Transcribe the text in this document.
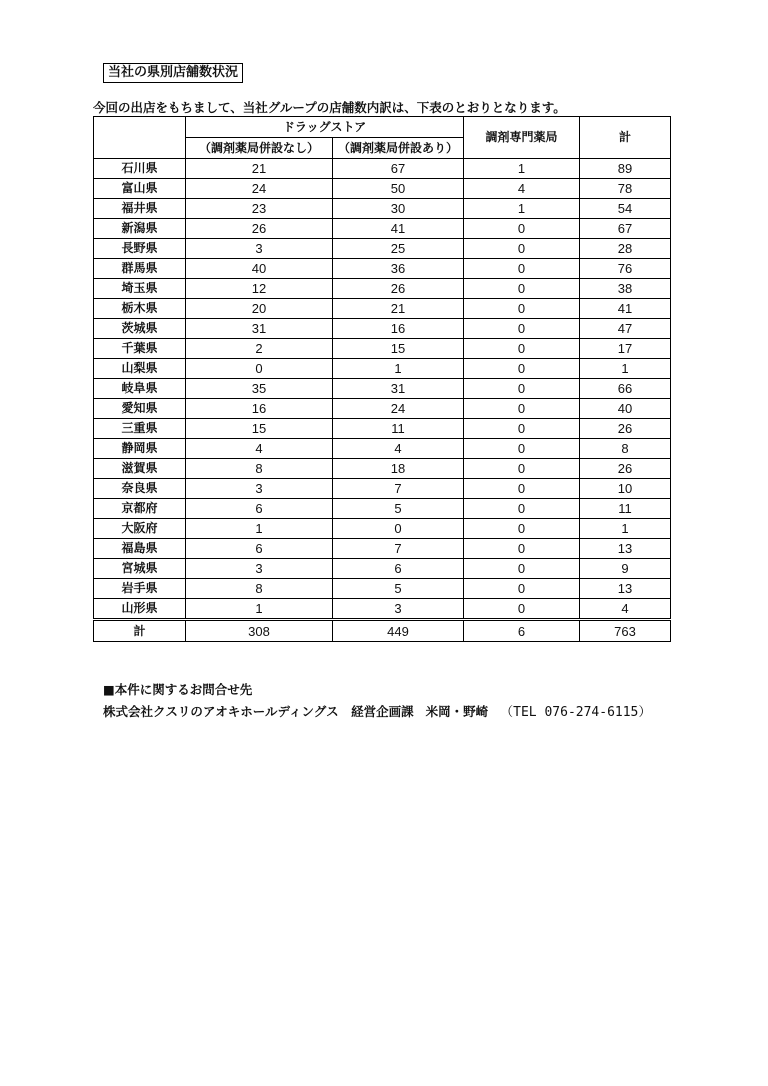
当社の県別店舗数状況
今回の出店をもちまして、当社グループの店舗数内訳は、下表のとおりとなります。
	ドラッグストア		調剤専門薬局	計
	（調剤薬局併設なし）	（調剤薬局併設あり）		
石川県	21	67	1	89
富山県	24	50	4	78
福井県	23	30	1	54
新潟県	26	41	0	67
長野県	3	25	0	28
群馬県	40	36	0	76
埼玉県	12	26	0	38
栃木県	20	21	0	41
茨城県	31	16	0	47
千葉県	2	15	0	17
山梨県	0	1	0	1
岐阜県	35	31	0	66
愛知県	16	24	0	40
三重県	15	11	0	26
静岡県	4	4	0	8
滋賀県	8	18	0	26
奈良県	3	7	0	10
京都府	6	5	0	11
大阪府	1	0	0	1
福島県	6	7	0	13
宮城県	3	6	0	9
岩手県	8	5	0	13
山形県	1	3	0	4
計	308	449	6	763
■本件に関するお問合せ先
株式会社クスリのアオキホールディングス　経営企画課 米岡・野崎 （TEL 076-274-6115）
